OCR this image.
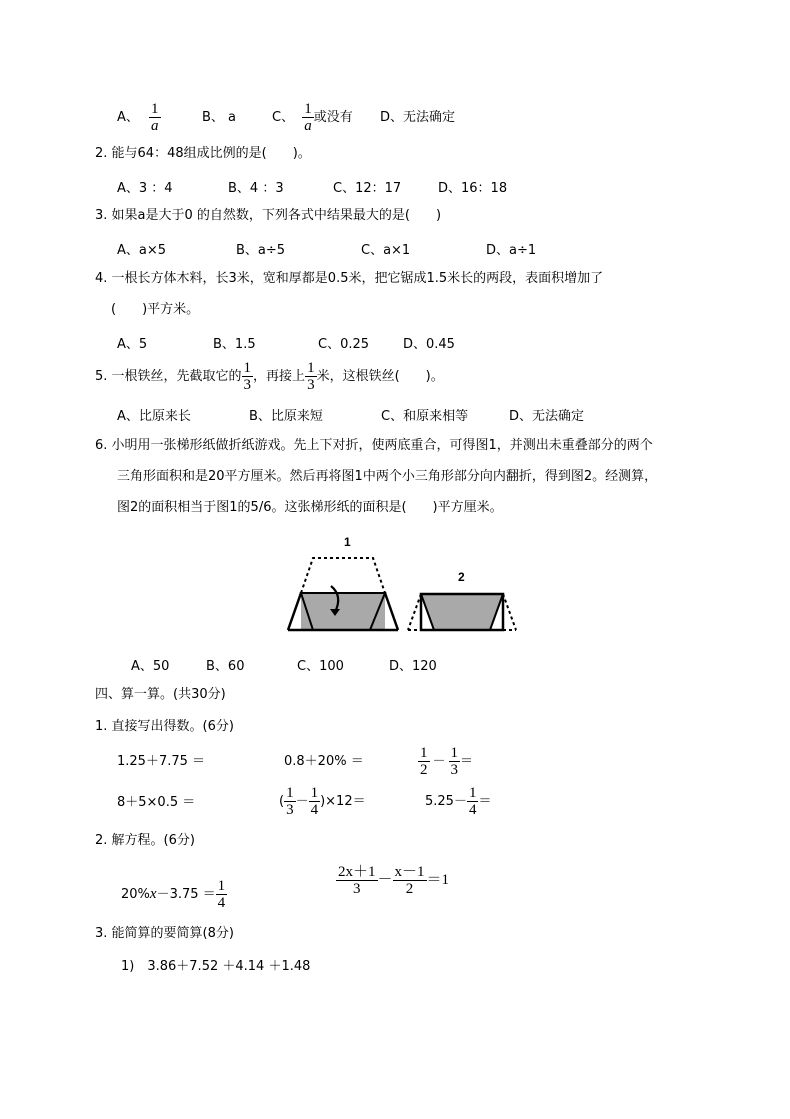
A、 $\frac{1}{a}$	B、 a	C、 $\frac{1}{a}$ 或没有 D、无法确定
2. 能与64：48组成比例的是(　　)。
A、3 ：4	B、4 ：3	C、12：17	D、16：18
3. 如果a是大于0 的自然数，下列各式中结果最大的是(　　)
A、a×5	B、a÷5	C、a×1	D、a÷1
4. 一根长方体木料，长3米，宽和厚都是0.5米，把它锯成1.5米长的两段，表面积增加了
(　　)平方米。
A、5	B、1.5	C、0.25	D、0.45
5. 一根铁丝，先截取它的 $\frac{1}{3}$ ，再接上 $\frac{1}{3}$ 米，这根铁丝(　　)。
A、比原来长	B、比原来短	C、和原来相等	D、无法确定
6. 小明用一张梯形纸做折纸游戏。先上下对折，使两底重合，可得图1，并测出未重叠部分的两个
三角形面积和是20平方厘米。然后再将图1中两个小三角形部分向内翻折，得到图2。经测算，
图2的面积相当于图1的5/6。这张梯形纸的面积是(　　)平方厘米。
1
2
A、50	B、60	C、100	D、120
四、算一算。(共30分)
1. 直接写出得数。(6分)
1.25＋7.75 ＝	0.8＋20% ＝	$\frac{1}{2} - \frac{1}{3}$ ＝
8＋5×0.5 ＝	( $\frac{1}{3} - \frac{1}{4} )\times 12=$	$5.25- \frac{1}{4}$ ＝
2. 解方程。(6分)
$20\%x-3.75 = \frac{1}{4}$	$\frac{2x+1}{3} - \frac{x-1}{2} =1$
3. 能简算的要简算(8分)
1)　3.86＋7.52 ＋4.14 ＋1.48
